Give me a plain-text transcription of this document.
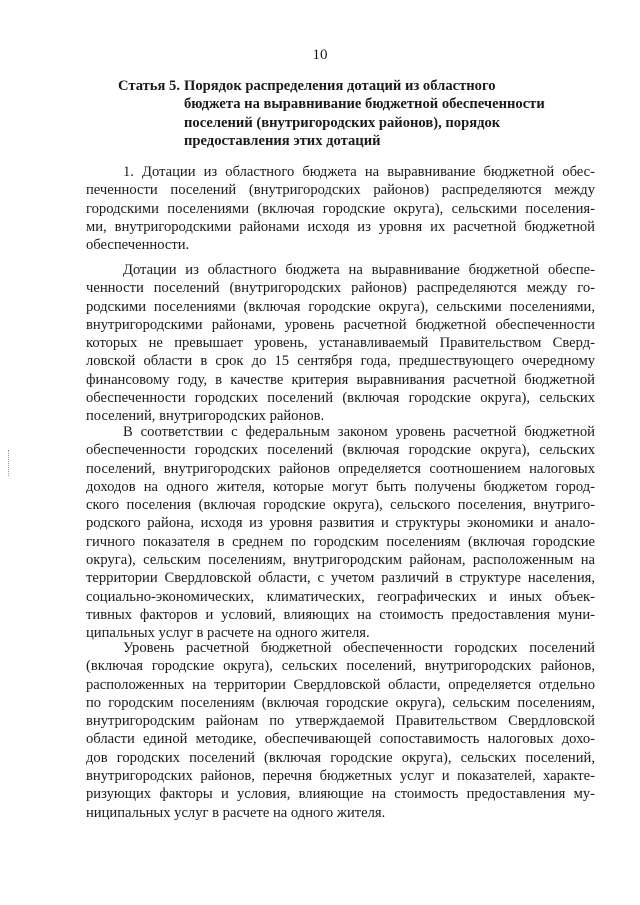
10
Статья 5. Порядок распределения дотаций из областного
бюджета на выравнивание бюджетной обеспеченности
поселений (внутригородских районов), порядок
предоставления этих дотаций
1. Дотации из областного бюджета на выравнивание бюджетной обес-
печенности поселений (внутригородских районов) распределяются между
городскими поселениями (включая городские округа), сельскими поселения-
ми, внутригородскими районами исходя из уровня их расчетной бюджетной
обеспеченности.
Дотации из областного бюджета на выравнивание бюджетной обеспе-
ченности поселений (внутригородских районов) распределяются между го-
родскими поселениями (включая городские округа), сельскими поселениями,
внутригородскими районами, уровень расчетной бюджетной обеспеченности
которых не превышает уровень, устанавливаемый Правительством Сверд-
ловской области в срок до 15 сентября года, предшествующего очередному
финансовому году, в качестве критерия выравнивания расчетной бюджетной
обеспеченности городских поселений (включая городские округа), сельских
поселений, внутригородских районов.
В соответствии с федеральным законом уровень расчетной бюджетной
обеспеченности городских поселений (включая городские округа), сельских
поселений, внутригородских районов определяется соотношением налоговых
доходов на одного жителя, которые могут быть получены бюджетом город-
ского поселения (включая городские округа), сельского поселения, внутриго-
родского района, исходя из уровня развития и структуры экономики и анало-
гичного показателя в среднем по городским поселениям (включая городские
округа), сельским поселениям, внутригородским районам, расположенным на
территории Свердловской области, с учетом различий в структуре населения,
социально-экономических, климатических, географических и иных объек-
тивных факторов и условий, влияющих на стоимость предоставления муни-
ципальных услуг в расчете на одного жителя.
Уровень расчетной бюджетной обеспеченности городских поселений
(включая городские округа), сельских поселений, внутригородских районов,
расположенных на территории Свердловской области, определяется отдельно
по городским поселениям (включая городские округа), сельским поселениям,
внутригородским районам по утверждаемой Правительством Свердловской
области единой методике, обеспечивающей сопоставимость налоговых дохо-
дов городских поселений (включая городские округа), сельских поселений,
внутригородских районов, перечня бюджетных услуг и показателей, характе-
ризующих факторы и условия, влияющие на стоимость предоставления му-
ниципальных услуг в расчете на одного жителя.
